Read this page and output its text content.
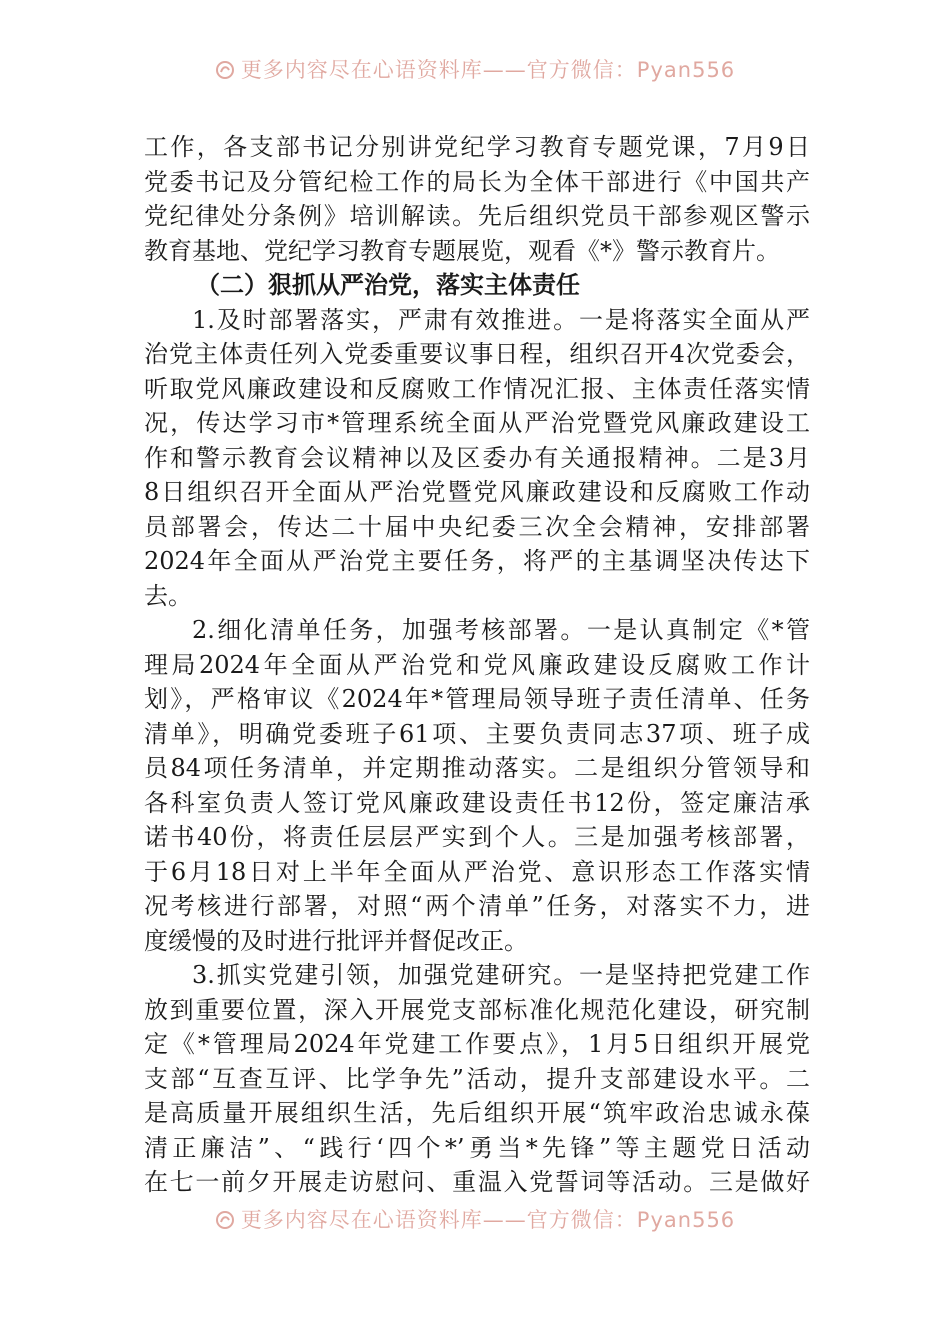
更多内容尽在心语资料库——官方微信：Pyan556
工作，各支部书记分别讲党纪学习教育专题党课，7月9日
党委书记及分管纪检工作的局长为全体干部进行《中国共产
党纪律处分条例》培训解读。先后组织党员干部参观区警示
教育基地、党纪学习教育专题展览，观看《*》警示教育片。
（二）狠抓从严治党，落实主体责任
1.及时部署落实，严肃有效推进。一是将落实全面从严
治党主体责任列入党委重要议事日程，组织召开4次党委会，
听取党风廉政建设和反腐败工作情况汇报、主体责任落实情
况，传达学习市*管理系统全面从严治党暨党风廉政建设工
作和警示教育会议精神以及区委办有关通报精神。二是3月
8日组织召开全面从严治党暨党风廉政建设和反腐败工作动
员部署会，传达二十届中央纪委三次全会精神，安排部署
2024年全面从严治党主要任务，将严的主基调坚决传达下
去。
2.细化清单任务，加强考核部署。一是认真制定《*管
理局2024年全面从严治党和党风廉政建设反腐败工作计
划》，严格审议《2024年*管理局领导班子责任清单、任务
清单》，明确党委班子61项、主要负责同志37项、班子成
员84项任务清单，并定期推动落实。二是组织分管领导和
各科室负责人签订党风廉政建设责任书12份，签定廉洁承
诺书40份，将责任层层严实到个人。三是加强考核部署，
于6月18日对上半年全面从严治党、意识形态工作落实情
况考核进行部署，对照“两个清单”任务，对落实不力，进
度缓慢的及时进行批评并督促改正。
3.抓实党建引领，加强党建研究。一是坚持把党建工作
放到重要位置，深入开展党支部标准化规范化建设，研究制
定《*管理局2024年党建工作要点》，1月5日组织开展党
支部“互查互评、比学争先”活动，提升支部建设水平。二
是高质量开展组织生活，先后组织开展“筑牢政治忠诚永葆
清正廉洁”、“践行‘四个*’勇当*先锋”等主题党日活动
在七一前夕开展走访慰问、重温入党誓词等活动。三是做好
更多内容尽在心语资料库——官方微信：Pyan556
